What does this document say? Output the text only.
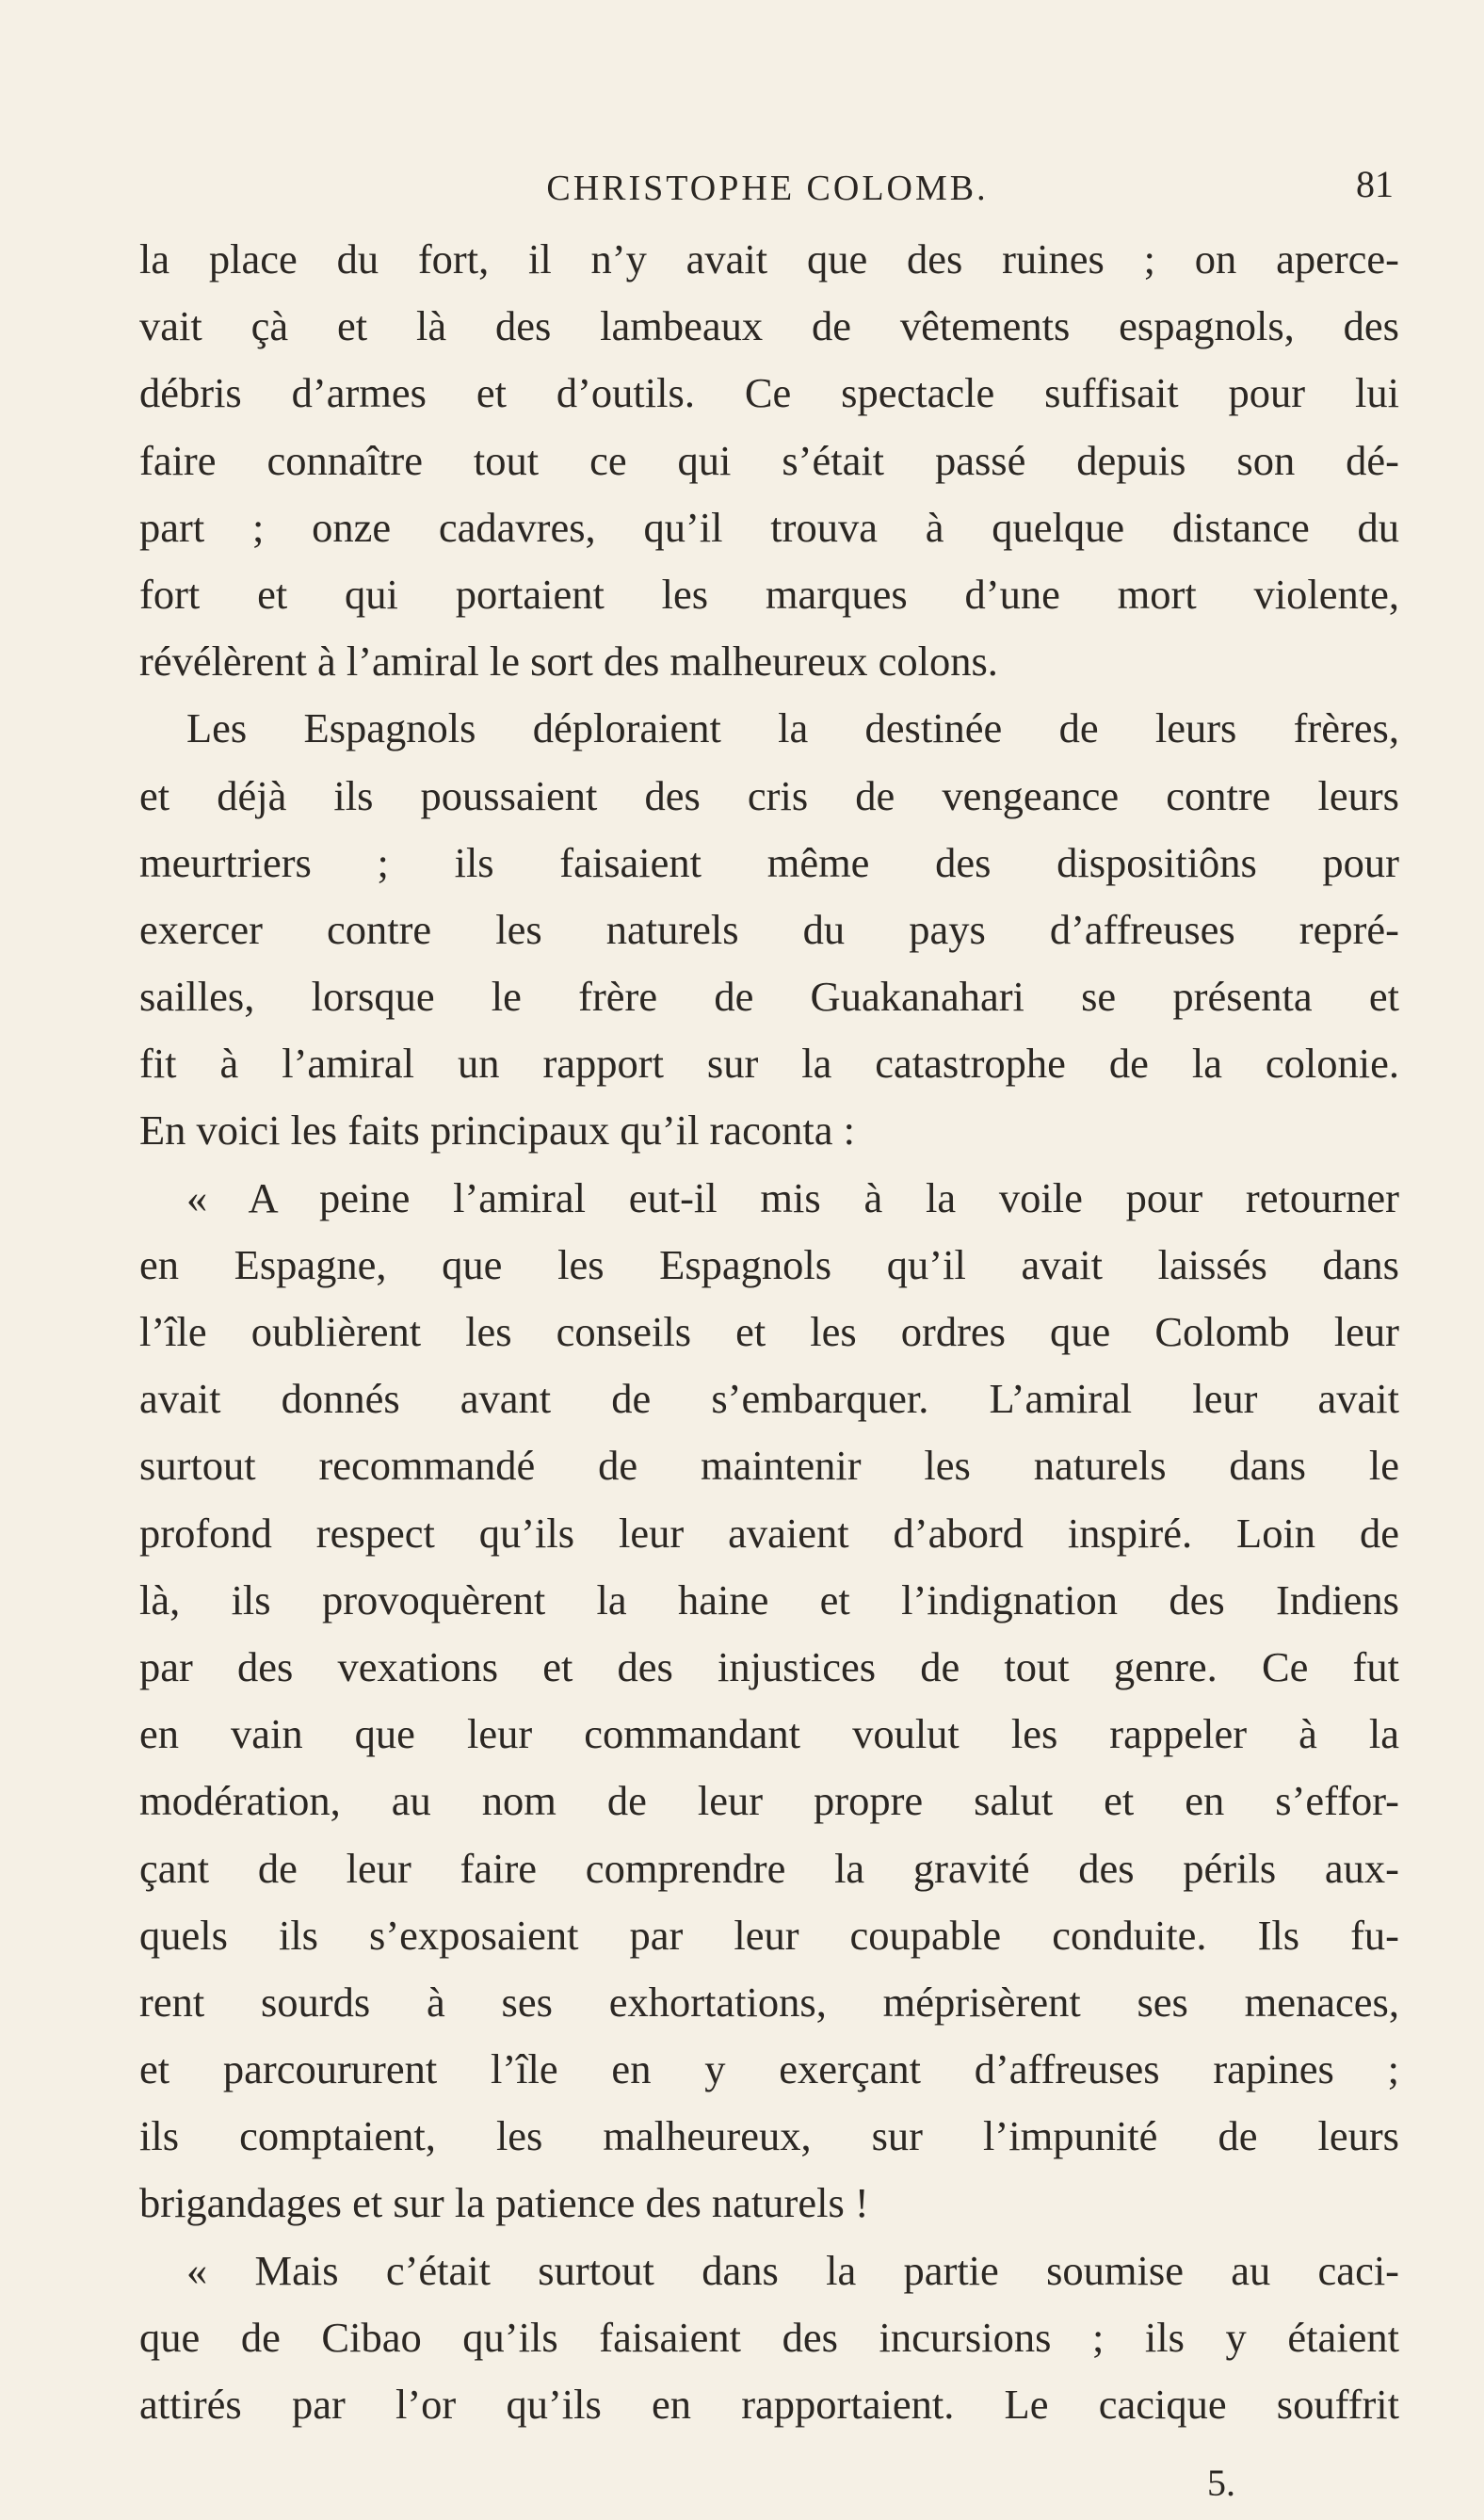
CHRISTOPHE COLOMB.	81
la place du fort, il n’y avait que des ruines ; on aperce-
vait çà et là des lambeaux de vêtements espagnols, des
débris d’armes et d’outils. Ce spectacle suffisait pour lui
faire connaître tout ce qui s’était passé depuis son dé-
part ; onze cadavres, qu’il trouva à quelque distance du
fort et qui portaient les marques d’une mort violente,
révélèrent à l’amiral le sort des malheureux colons.
Les Espagnols déploraient la destinée de leurs frères,
et déjà ils poussaient des cris de vengeance contre leurs
meurtriers ; ils faisaient même des dispositiôns pour
exercer contre les naturels du pays d’affreuses repré-
sailles, lorsque le frère de Guakanahari se présenta et
fit à l’amiral un rapport sur la catastrophe de la colonie.
En voici les faits principaux qu’il raconta :
« A peine l’amiral eut-il mis à la voile pour retourner
en Espagne, que les Espagnols qu’il avait laissés dans
l’île oublièrent les conseils et les ordres que Colomb leur
avait donnés avant de s’embarquer. L’amiral leur avait
surtout recommandé de maintenir les naturels dans le
profond respect qu’ils leur avaient d’abord inspiré. Loin de
là, ils provoquèrent la haine et l’indignation des Indiens
par des vexations et des injustices de tout genre. Ce fut
en vain que leur commandant voulut les rappeler à la
modération, au nom de leur propre salut et en s’effor-
çant de leur faire comprendre la gravité des périls aux-
quels ils s’exposaient par leur coupable conduite. Ils fu-
rent sourds à ses exhortations, méprisèrent ses menaces,
et parcoururent l’île en y exerçant d’affreuses rapines ;
ils comptaient, les malheureux, sur l’impunité de leurs
brigandages et sur la patience des naturels !
« Mais c’était surtout dans la partie soumise au caci-
que de Cibao qu’ils faisaient des incursions ; ils y étaient
attirés par l’or qu’ils en rapportaient. Le cacique souffrit
5.
